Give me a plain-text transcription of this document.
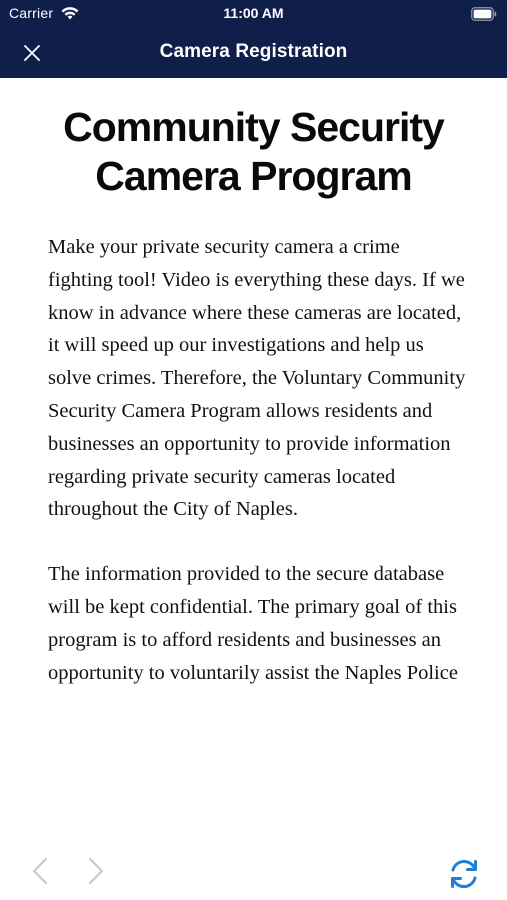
Carrier	11:00 AM
Camera Registration
Community Security Camera Program

Make your private security camera a crime fighting tool! Video is everything these days. If we know in advance where these cameras are located, it will speed up our investigations and help us solve crimes. Therefore, the Voluntary Community Security Camera Program allows residents and businesses an opportunity to provide information regarding private security cameras located throughout the City of Naples.

The information provided to the secure database will be kept confidential. The primary goal of this program is to afford residents and businesses an opportunity to voluntarily assist the Naples Police
